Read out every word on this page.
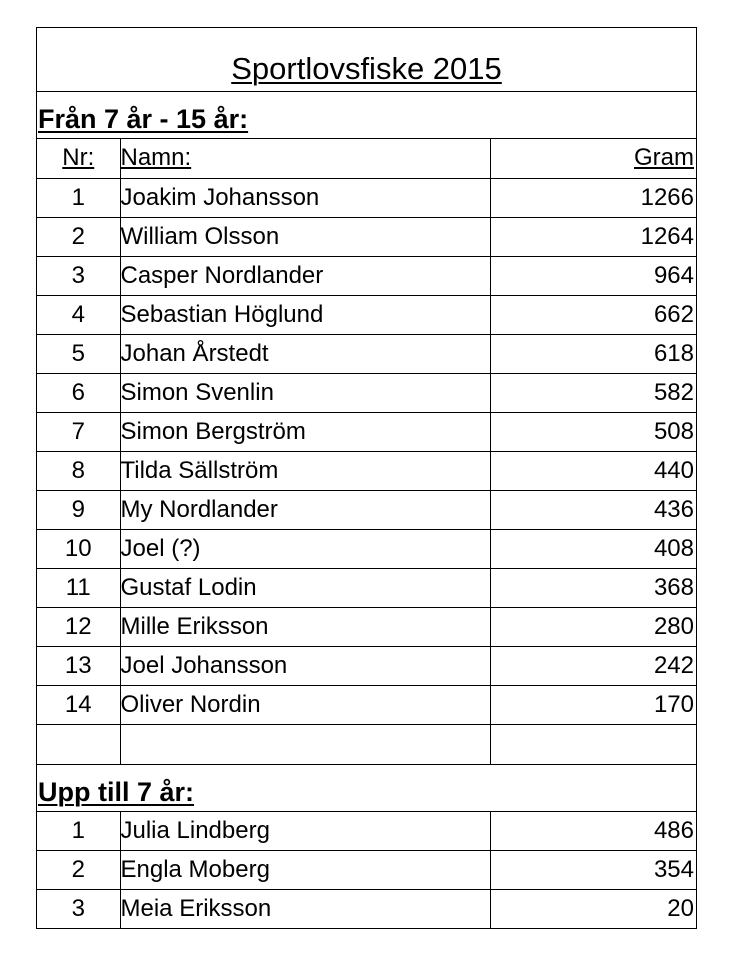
Sportlovsfiske 2015
Från 7 år - 15 år:
Nr:	Namn:	Gram
1	Joakim Johansson	1266
2	William Olsson	1264
3	Casper Nordlander	964
4	Sebastian Höglund	662
5	Johan Årstedt	618
6	Simon Svenlin	582
7	Simon Bergström	508
8	Tilda Sällström	440
9	My Nordlander	436
10	Joel (?)	408
11	Gustaf Lodin	368
12	Mille Eriksson	280
13	Joel Johansson	242
14	Oliver Nordin	170

Upp till 7 år:
1	Julia Lindberg	486
2	Engla Moberg	354
3	Meia Eriksson	20
